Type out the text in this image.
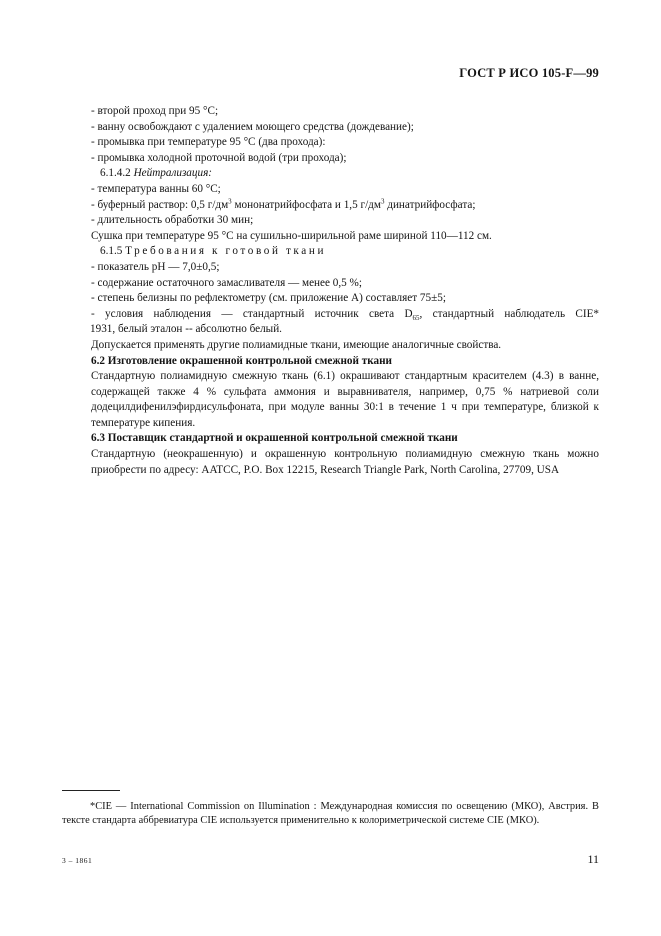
ГОСТ Р ИСО 105-F—99
- второй проход при 95 °С;
- ванну освобождают с удалением моющего средства (дождевание);
- промывка при температуре 95 °С (два прохода):
- промывка холодной проточной водой (три прохода);
6.1.4.2 Нейтрализация:
- температура ванны 60 °С;
- буферный раствор: 0,5 $г/дм^3$ мононатрийфосфата и 1,5 $г/дм^3$ динатрийфосфата;
- длительность обработки 30 мин;
Сушка при температуре 95 °С на сушильно-ширильной раме шириной 110—112 см.
6.1.5 Требования к готовой ткани
- показатель рН — 7,0±0,5;
- содержание остаточного замасливателя — менее 0,5 %;
- степень белизны по рефлектометру (см. приложение А) составляет 75±5;
- условия наблюдения — стандартный источник света $D_{65}$, стандартный наблюдатель CIE*
1931, белый эталон -- абсолютно белый.
Допускается применять другие полиамидные ткани, имеющие аналогичные свойства.
6.2 Изготовление окрашенной контрольной смежной ткани
Стандартную полиамидную смежную ткань (6.1) окрашивают стандартным красителем (4.3) в ванне, содержащей также 4 % сульфата аммония и выравнивателя, например, 0,75 % натриевой соли додецилдифенилэфирдисульфоната, при модуле ванны 30:1 в течение 1 ч при температуре, близкой к температуре кипения.
6.3 Поставщик стандартной и окрашенной контрольной смежной ткани
Стандартную (неокрашенную) и окрашенную контрольную полиамидную смежную ткань можно приобрести по адресу: AATCC, P.O. Box 12215, Research Triangle Park, North Carolina, 27709, USA
*CIE — International Commission on Illumination : Международная комиссия по освещению (МКО), Австрия. В тексте стандарта аббревиатура CIE используется применительно к колориметрической системе CIE (МКО).
3 – 1861	11
